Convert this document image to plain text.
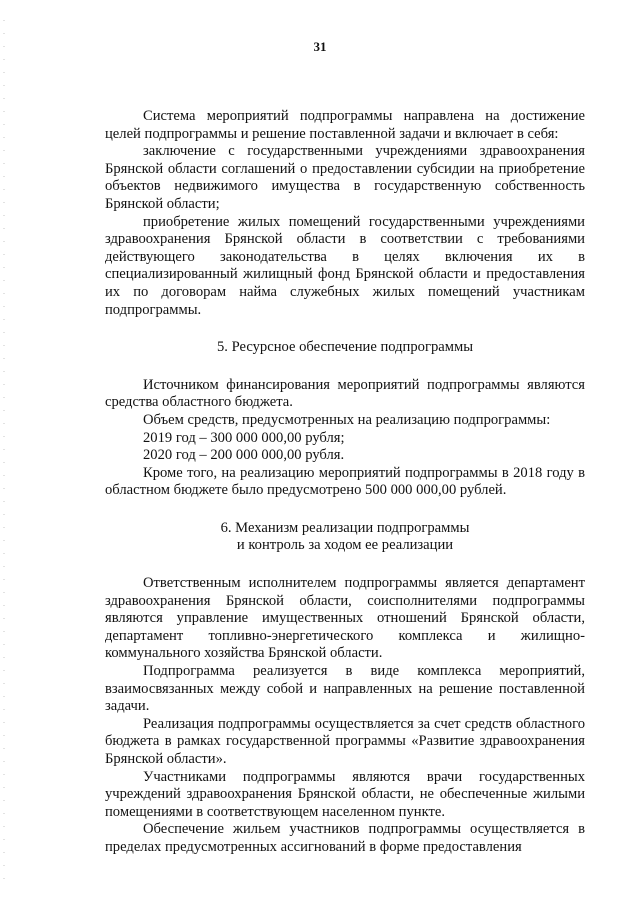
31

Система мероприятий подпрограммы направлена на достижение целей подпрограммы и решение поставленной задачи и включает в себя:

заключение с государственными учреждениями здравоохранения Брянской области соглашений о предоставлении субсидии на приобретение объектов недвижимого имущества в государственную собственность Брянской области;

приобретение жилых помещений государственными учреждениями здравоохранения Брянской области в соответствии с требованиями действующего законодательства в целях включения их в специализированный жилищный фонд Брянской области и предоставления их по договорам найма служебных жилых помещений участникам подпрограммы.

5. Ресурсное обеспечение подпрограммы

Источником финансирования мероприятий подпрограммы являются средства областного бюджета.

Объем средств, предусмотренных на реализацию подпрограммы:

2019 год – 300 000 000,00 рубля;

2020 год – 200 000 000,00 рубля.

Кроме того, на реализацию мероприятий подпрограммы в 2018 году в областном бюджете было предусмотрено 500 000 000,00 рублей.

6. Механизм реализации подпрограммы

и контроль за ходом ее реализации

Ответственным исполнителем подпрограммы является департамент здравоохранения Брянской области, соисполнителями подпрограммы являются управление имущественных отношений Брянской области, департамент топливно-энергетического комплекса и жилищно-коммунального хозяйства Брянской области.

Подпрограмма реализуется в виде комплекса мероприятий, взаимосвязанных между собой и направленных на решение поставленной задачи.

Реализация подпрограммы осуществляется за счет средств областного бюджета в рамках государственной программы «Развитие здравоохранения Брянской области».

Участниками подпрограммы являются врачи государственных учреждений здравоохранения Брянской области, не обеспеченные жилыми помещениями в соответствующем населенном пункте.

Обеспечение жильем участников подпрограммы осуществляется в пределах предусмотренных ассигнований в форме предоставления
